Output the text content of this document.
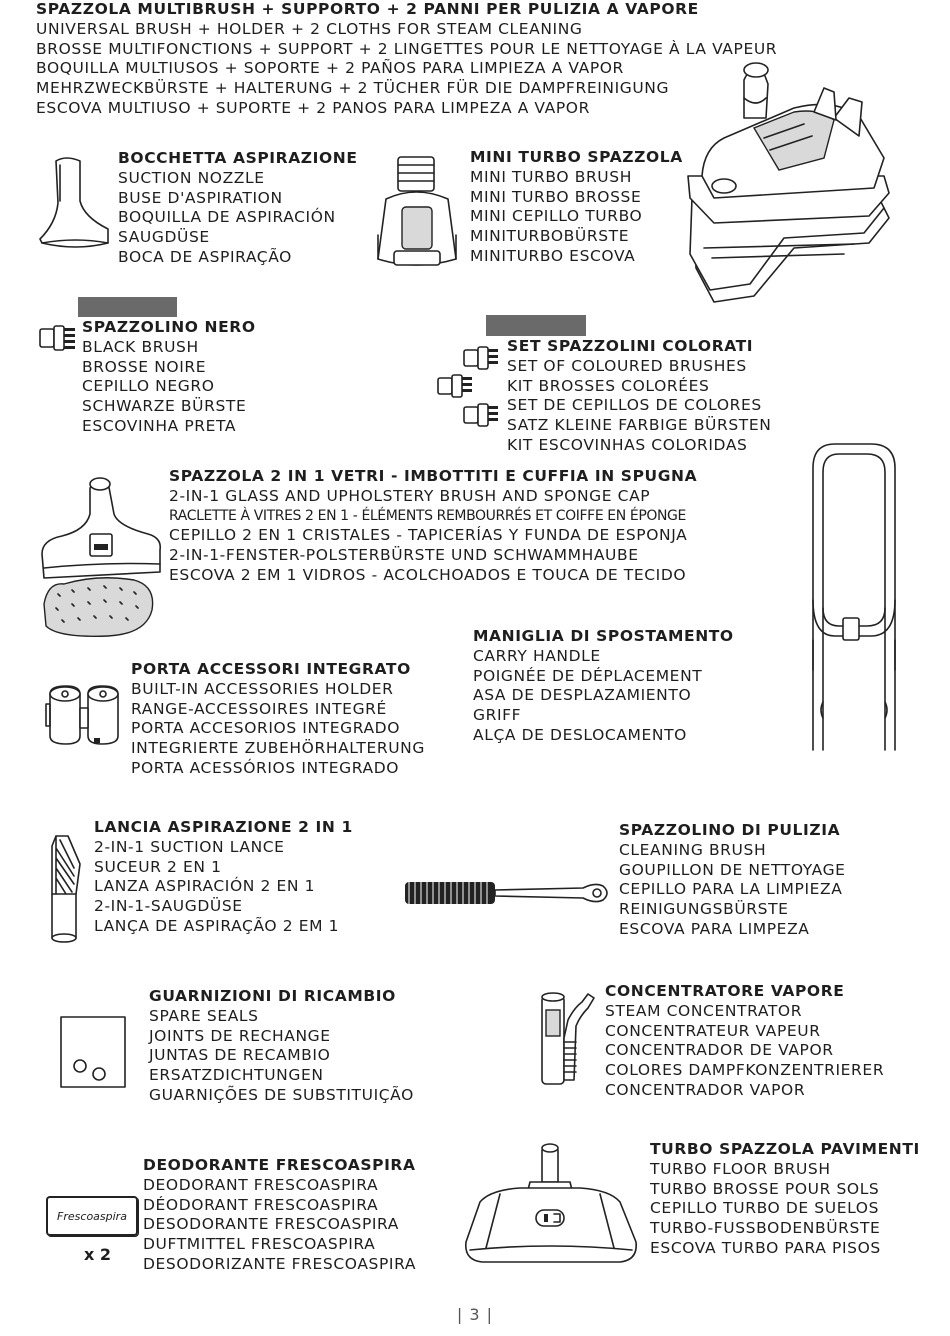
SPAZZOLA MULTIBRUSH + SUPPORTO + 2 PANNI PER PULIZIA A VAPORE
UNIVERSAL BRUSH + HOLDER + 2 CLOTHS FOR STEAM CLEANING
BROSSE MULTIFONCTIONS + SUPPORT + 2 LINGETTES POUR LE NETTOYAGE À LA VAPEUR
BOQUILLA MULTIUSOS + SOPORTE + 2 PAÑOS PARA LIMPIEZA A VAPOR
MEHRZWECKBÜRSTE + HALTERUNG + 2 TÜCHER FÜR DIE DAMPFREINIGUNG
ESCOVA MULTIUSO + SUPORTE + 2 PANOS PARA LIMPEZA A VAPOR
BOCCHETTA ASPIRAZIONE
SUCTION NOZZLE
BUSE D'ASPIRATION
BOQUILLA DE ASPIRACIÓN
SAUGDÜSE
BOCA DE ASPIRAÇÃO
MINI TURBO SPAZZOLA
MINI TURBO BRUSH
MINI TURBO BROSSE
MINI CEPILLO TURBO
MINITURBOBÜRSTE
MINITURBO ESCOVA
SPAZZOLINO NERO
BLACK BRUSH
BROSSE NOIRE
CEPILLO NEGRO
SCHWARZE BÜRSTE
ESCOVINHA PRETA
SET SPAZZOLINI COLORATI
SET OF COLOURED BRUSHES
KIT BROSSES COLORÉES
SET DE CEPILLOS DE COLORES
SATZ KLEINE FARBIGE BÜRSTEN
KIT ESCOVINHAS COLORIDAS
SPAZZOLA 2 IN 1 VETRI - IMBOTTITI E CUFFIA IN SPUGNA
2-IN-1 GLASS AND UPHOLSTERY BRUSH AND SPONGE CAP
RACLETTE À VITRES 2 EN 1 - ÉLÉMENTS REMBOURRÉS ET COIFFE EN ÉPONGE
CEPILLO 2 EN 1 CRISTALES - TAPICERÍAS Y FUNDA DE ESPONJA
2-IN-1-FENSTER-POLSTERBÜRSTE UND SCHWAMMHAUBE
ESCOVA 2 EM 1 VIDROS - ACOLCHOADOS E TOUCA DE TECIDO
MANIGLIA DI SPOSTAMENTO
CARRY HANDLE
POIGNÉE DE DÉPLACEMENT
ASA DE DESPLAZAMIENTO
GRIFF
ALÇA DE DESLOCAMENTO
PORTA ACCESSORI INTEGRATO
BUILT-IN ACCESSORIES HOLDER
RANGE-ACCESSOIRES INTEGRÉ
PORTA ACCESORIOS INTEGRADO
INTEGRIERTE ZUBEHÖRHALTERUNG
PORTA ACESSÓRIOS INTEGRADO
LANCIA ASPIRAZIONE 2 IN 1
2-IN-1 SUCTION LANCE
SUCEUR 2 EN 1
LANZA ASPIRACIÓN 2 EN 1
2-IN-1-SAUGDÜSE
LANÇA DE ASPIRAÇÃO 2 EM 1
SPAZZOLINO DI PULIZIA
CLEANING BRUSH
GOUPILLON DE NETTOYAGE
CEPILLO PARA LA LIMPIEZA
REINIGUNGSBÜRSTE
ESCOVA PARA LIMPEZA
GUARNIZIONI DI RICAMBIO
SPARE SEALS
JOINTS DE RECHANGE
JUNTAS DE RECAMBIO
ERSATZDICHTUNGEN
GUARNIÇÕES DE SUBSTITUIÇÃO
CONCENTRATORE VAPORE
STEAM CONCENTRATOR
CONCENTRATEUR VAPEUR
CONCENTRADOR DE VAPOR
COLORES DAMPFKONZENTRIERER
CONCENTRADOR VAPOR
DEODORANTE FRESCOASPIRA
DEODORANT FRESCOASPIRA
DÉODORANT FRESCOASPIRA
DESODORANTE FRESCOASPIRA
DUFTMITTEL FRESCOASPIRA
DESODORIZANTE FRESCOASPIRA
TURBO SPAZZOLA PAVIMENTI
TURBO FLOOR BRUSH
TURBO BROSSE POUR SOLS
CEPILLO TURBO DE SUELOS
TURBO-FUSSBODENBÜRSTE
ESCOVA TURBO PARA PISOS
Frescoaspira
x 2
| 3 |
